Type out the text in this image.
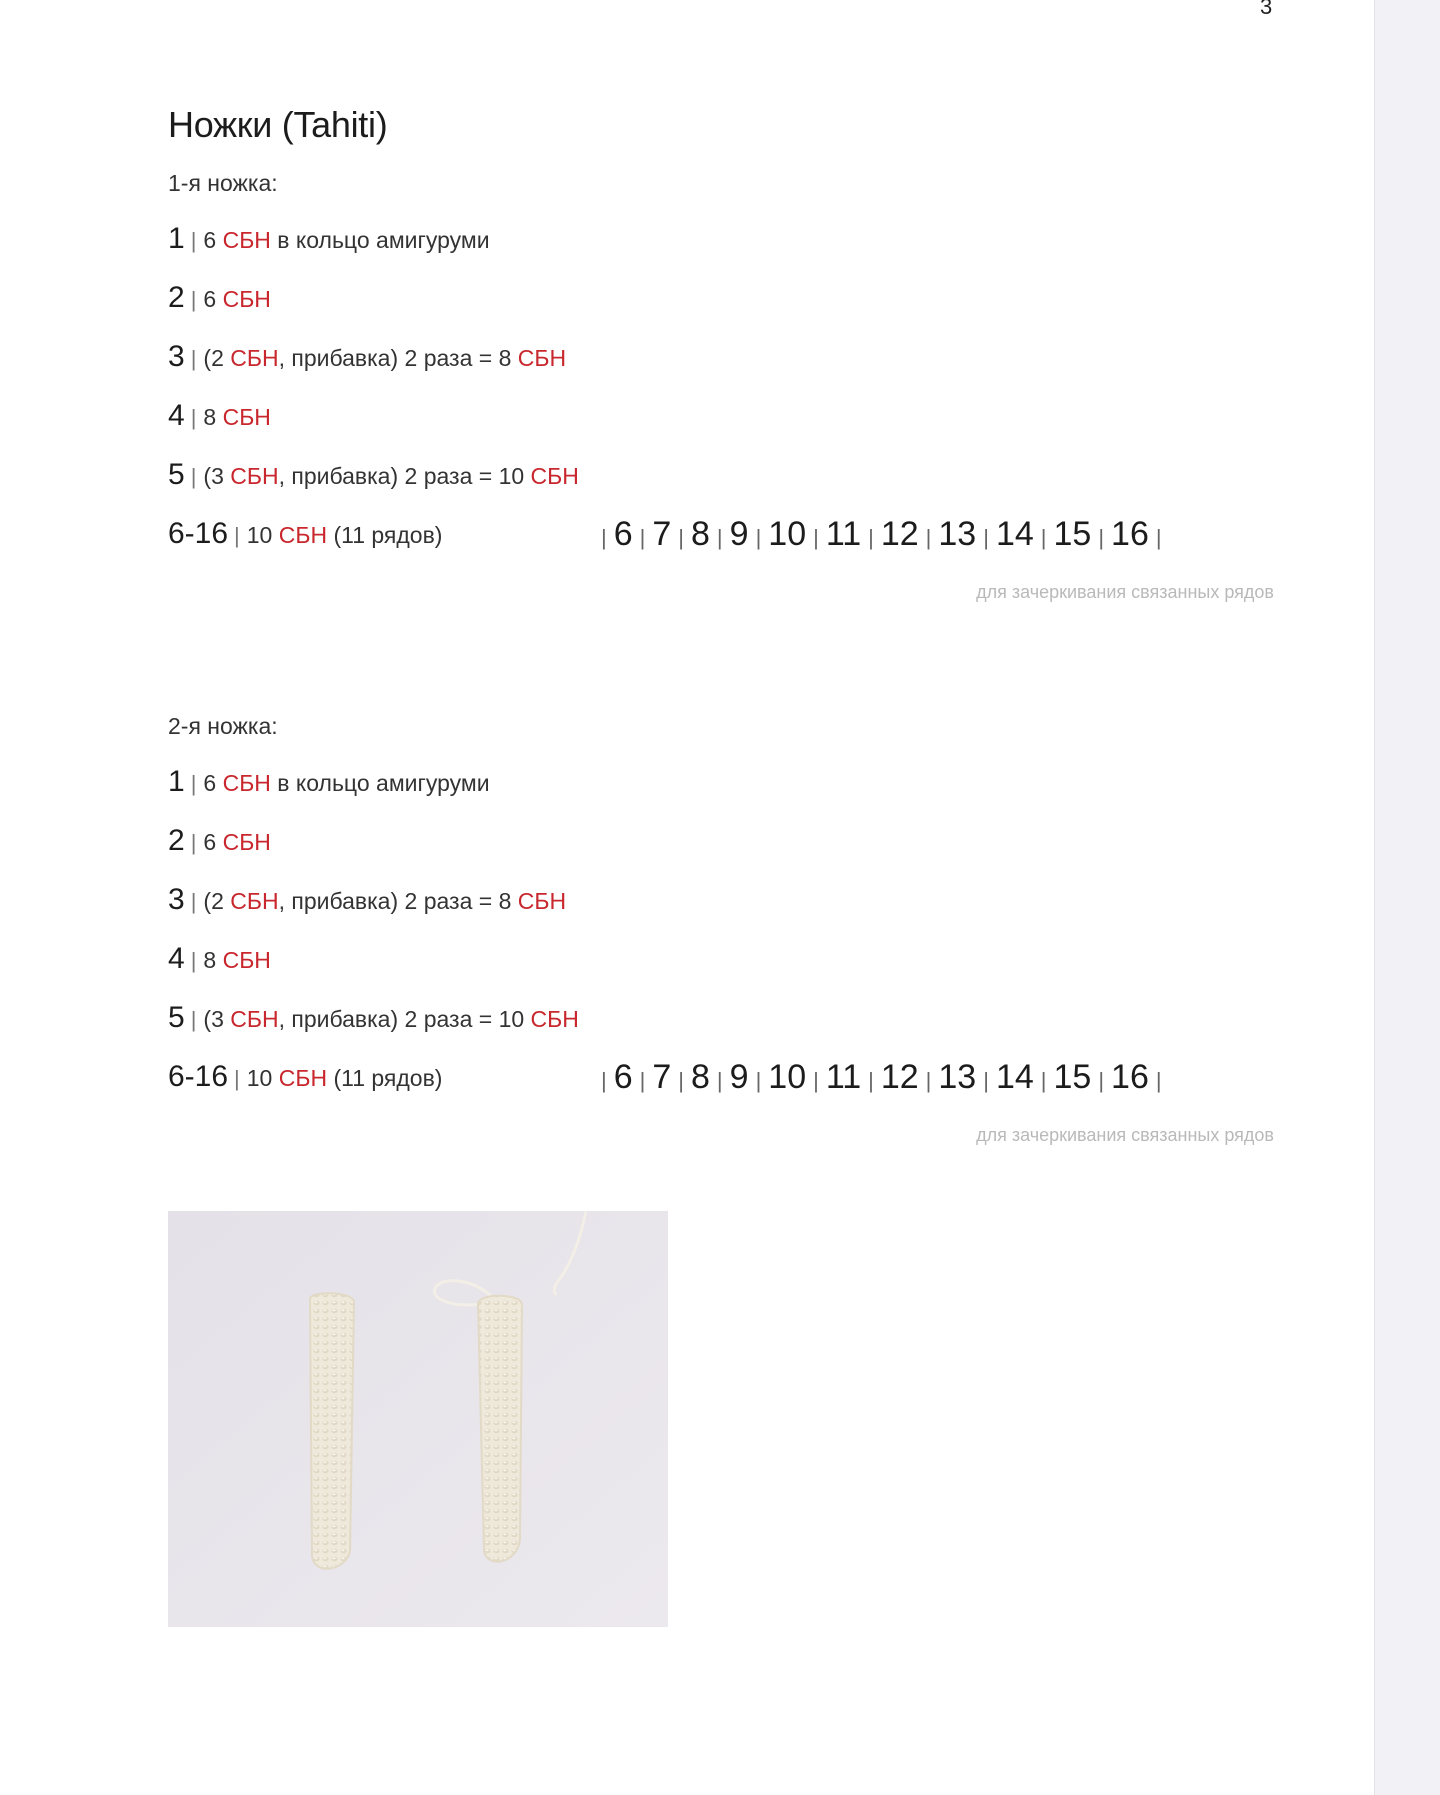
3
Ножки (Tahiti)
1-я ножка:
1 | 6 СБН в кольцо амигуруми
2 | 6 СБН
3 | (2 СБН, прибавка) 2 раза = 8 СБН
4 | 8 СБН
5 | (3 СБН, прибавка) 2 раза = 10 СБН
6-16 | 10 СБН (11 рядов)	| 6 | 7 | 8 | 9 | 10 | 11 | 12 | 13 | 14 | 15 | 16 |
для зачеркивания связанных рядов
2-я ножка:
1 | 6 СБН в кольцо амигуруми
2 | 6 СБН
3 | (2 СБН, прибавка) 2 раза = 8 СБН
4 | 8 СБН
5 | (3 СБН, прибавка) 2 раза = 10 СБН
6-16 | 10 СБН (11 рядов)	| 6 | 7 | 8 | 9 | 10 | 11 | 12 | 13 | 14 | 15 | 16 |
для зачеркивания связанных рядов
